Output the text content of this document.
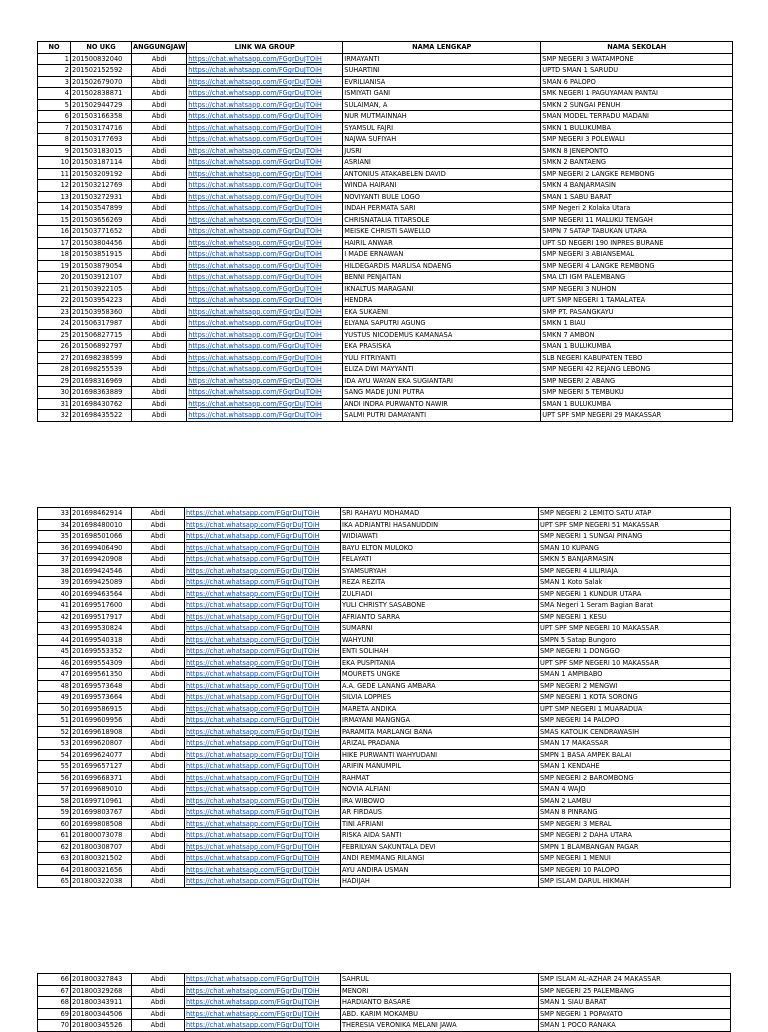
NO	NO UKG	ANGGUNGJAW	LINK WA GROUP	NAMA LENGKAP	NAMA SEKOLAH
1	201500832040	Abdi	https://chat.whatsapp.com/FGgrDuJTOiH	IRMAYANTI	SMP NEGERI 3 WATAMPONE
2	201502152592	Abdi	https://chat.whatsapp.com/FGgrDuJTOiH	SUHARTINI	UPTD SMAN 1 SARUDU
3	201502679070	Abdi	https://chat.whatsapp.com/FGgrDuJTOiH	EVRILIANISA	SMAN 6 PALOPO
4	201502838871	Abdi	https://chat.whatsapp.com/FGgrDuJTOiH	ISMIYATI GANI	SMK NEGERI 1 PAGUYAMAN PANTAI
5	201502944729	Abdi	https://chat.whatsapp.com/FGgrDuJTOiH	SULAIMAN, A	SMKN 2 SUNGAI PENUH
6	201503166358	Abdi	https://chat.whatsapp.com/FGgrDuJTOiH	NUR MUTMAINNAH	SMAN MODEL TERPADU MADANI
7	201503174716	Abdi	https://chat.whatsapp.com/FGgrDuJTOiH	SYAMSUL FAJRI	SMKN 1 BULUKUMBA
8	201503177693	Abdi	https://chat.whatsapp.com/FGgrDuJTOiH	NAJWA SUFIYAH	SMP NEGERI 3 POLEWALI
9	201503183015	Abdi	https://chat.whatsapp.com/FGgrDuJTOiH	JUSRI	SMKN 8 JENEPONTO
10	201503187114	Abdi	https://chat.whatsapp.com/FGgrDuJTOiH	ASRIANI	SMKN 2 BANTAENG
11	201503209192	Abdi	https://chat.whatsapp.com/FGgrDuJTOiH	ANTONIUS ATAKABELEN DAVID	SMP NEGERI 2 LANGKE REMBONG
12	201503212769	Abdi	https://chat.whatsapp.com/FGgrDuJTOiH	WINDA HAIRANI	SMKN 4 BANJARMASIN
13	201503272931	Abdi	https://chat.whatsapp.com/FGgrDuJTOiH	NOVIYANTI BULE LOGO	SMAN 1 SABU BARAT
14	201503547899	Abdi	https://chat.whatsapp.com/FGgrDuJTOiH	INDAH PERMATA SARI	SMP Negeri 2 Kolaka Utara
15	201503656269	Abdi	https://chat.whatsapp.com/FGgrDuJTOiH	CHRISNATALIA TITARSOLE	SMP NEGERI 11 MALUKU TENGAH
16	201503771652	Abdi	https://chat.whatsapp.com/FGgrDuJTOiH	MEISKE CHRISTI SAWELLO	SMPN 7 SATAP TABUKAN UTARA
17	201503804456	Abdi	https://chat.whatsapp.com/FGgrDuJTOiH	HAIRIL ANWAR	UPT SD NEGERI 190 INPRES BURANE
18	201503851915	Abdi	https://chat.whatsapp.com/FGgrDuJTOiH	I MADE ERNAWAN	SMP NEGERI 3 ABIANSEMAL
19	201503879054	Abdi	https://chat.whatsapp.com/FGgrDuJTOiH	HILDEGARDIS MARLISA NDAENG	SMP NEGERI 4 LANGKE REMBONG
20	201503912107	Abdi	https://chat.whatsapp.com/FGgrDuJTOiH	BENNI PENJAITAN	SMA LTI IGM PALEMBANG
21	201503922105	Abdi	https://chat.whatsapp.com/FGgrDuJTOiH	IKNALTUS MARAGANI	SMP NEGERI 3 NUHON
22	201503954223	Abdi	https://chat.whatsapp.com/FGgrDuJTOiH	HENDRA	UPT SMP NEGERI 1 TAMALATEA
23	201503958360	Abdi	https://chat.whatsapp.com/FGgrDuJTOiH	EKA SUKAENI	SMP PT. PASANGKAYU
24	201506317987	Abdi	https://chat.whatsapp.com/FGgrDuJTOiH	ELYANA SAPUTRI AGUNG	SMKN 1 BIAU
25	201506827715	Abdi	https://chat.whatsapp.com/FGgrDuJTOiH	YUSTUS NICODEMUS KAMANASA	SMKN 7 AMBON
26	201506892797	Abdi	https://chat.whatsapp.com/FGgrDuJTOiH	EKA PRASISKA	SMAN 1 BULUKUMBA
27	201698238599	Abdi	https://chat.whatsapp.com/FGgrDuJTOiH	YULI FITRIYANTI	SLB NEGERI KABUPATEN TEBO
28	201698255539	Abdi	https://chat.whatsapp.com/FGgrDuJTOiH	ELIZA DWI MAYYANTI	SMP NEGERI 42 REJANG LEBONG
29	201698316969	Abdi	https://chat.whatsapp.com/FGgrDuJTOiH	IDA AYU WAYAN EKA SUGIANTARI	SMP NEGERI 2 ABANG
30	201698363889	Abdi	https://chat.whatsapp.com/FGgrDuJTOiH	SANG MADE JUNI PUTRA	SMP NEGERI 5 TEMBUKU
31	201698430762	Abdi	https://chat.whatsapp.com/FGgrDuJTOiH	ANDI INDRA PURWANTO NAWIR	SMAN 1 BULUKUMBA
32	201698435522	Abdi	https://chat.whatsapp.com/FGgrDuJTOiH	SALMI PUTRI DAMAYANTI	UPT SPF SMP NEGERI 29 MAKASSAR
33	201698462914	Abdi	https://chat.whatsapp.com/FGgrDuJTOiH	SRI RAHAYU MOHAMAD	SMP NEGERI 2 LEMITO SATU ATAP
34	201698480010	Abdi	https://chat.whatsapp.com/FGgrDuJTOiH	IKA ADRIANTRI HASANUDDIN	UPT SPF SMP NEGERI 51 MAKASSAR
35	201698501066	Abdi	https://chat.whatsapp.com/FGgrDuJTOiH	WIDIAWATI	SMP NEGERI 1 SUNGAI PINANG
36	201699406490	Abdi	https://chat.whatsapp.com/FGgrDuJTOiH	BAYU ELTON MULOKO	SMAN 10 KUPANG
37	201699420908	Abdi	https://chat.whatsapp.com/FGgrDuJTOiH	FELAYATI	SMKN 5 BANJARMASIN
38	201699424546	Abdi	https://chat.whatsapp.com/FGgrDuJTOiH	SYAMSURYAH	SMP NEGERI 4 LILIRIAJA
39	201699425089	Abdi	https://chat.whatsapp.com/FGgrDuJTOiH	REZA REZITA	SMAN 1 Koto Salak
40	201699463564	Abdi	https://chat.whatsapp.com/FGgrDuJTOiH	ZULFIADI	SMP NEGERI 1 KUNDUR UTARA
41	201699517600	Abdi	https://chat.whatsapp.com/FGgrDuJTOiH	YULI CHRISTY SASABONE	SMA Negeri 1 Seram Bagian Barat
42	201699517917	Abdi	https://chat.whatsapp.com/FGgrDuJTOiH	AFRIANTO SARRA	SMP NEGERI 1 KESU
43	201699530824	Abdi	https://chat.whatsapp.com/FGgrDuJTOiH	SUMARNI	UPT SPF SMP NEGERI 10 MAKASSAR
44	201699540318	Abdi	https://chat.whatsapp.com/FGgrDuJTOiH	WAHYUNI	SMPN 5 Satap Bungoro
45	201699553352	Abdi	https://chat.whatsapp.com/FGgrDuJTOiH	ENTI SOLIHAH	SMP NEGERI 1 DONGGO
46	201699554309	Abdi	https://chat.whatsapp.com/FGgrDuJTOiH	EKA PUSPITANIA	UPT SPF SMP NEGERI 10 MAKASSAR
47	201699561350	Abdi	https://chat.whatsapp.com/FGgrDuJTOiH	MOURETS UNGKE	SMAN 1 AMPIBABO
48	201699573648	Abdi	https://chat.whatsapp.com/FGgrDuJTOiH	A.A. GEDE LANANG AMBARA	SMP NEGERI 2 MENGWI
49	201699573664	Abdi	https://chat.whatsapp.com/FGgrDuJTOiH	SILVIA LOPPIES	SMP NEGERI 1 KOTA SORONG
50	201699586915	Abdi	https://chat.whatsapp.com/FGgrDuJTOiH	MARETA ANDIKA	UPT SMP NEGERI 1 MUARADUA
51	201699609956	Abdi	https://chat.whatsapp.com/FGgrDuJTOiH	IRMAYANI MANGNGA	SMP NEGERI 14 PALOPO
52	201699618908	Abdi	https://chat.whatsapp.com/FGgrDuJTOiH	PARAMITA MARLANGI BANA	SMAS KATOLIK CENDRAWASIH
53	201699620807	Abdi	https://chat.whatsapp.com/FGgrDuJTOiH	ARIZAL PRADANA	SMAN 17 MAKASSAR
54	201699624077	Abdi	https://chat.whatsapp.com/FGgrDuJTOiH	HIKE PURWANTI WAHYUDANI	SMPN 1 BASA AMPEK BALAI
55	201699657127	Abdi	https://chat.whatsapp.com/FGgrDuJTOiH	ARIFIN MANUMPIL	SMAN 1 KENDAHE
56	201699668371	Abdi	https://chat.whatsapp.com/FGgrDuJTOiH	RAHMAT	SMP NEGERI 2 BAROMBONG
57	201699689010	Abdi	https://chat.whatsapp.com/FGgrDuJTOiH	NOVIA ALFIANI	SMAN 4 WAJO
58	201699710961	Abdi	https://chat.whatsapp.com/FGgrDuJTOiH	IRA WIBOWO	SMAN 2 LAMBU
59	201699803767	Abdi	https://chat.whatsapp.com/FGgrDuJTOiH	AR FIRDAUS	SMAN 8 PINRANG
60	201699808508	Abdi	https://chat.whatsapp.com/FGgrDuJTOiH	TINI AFRIANI	SMP NEGERI 3 MERAL
61	201800073078	Abdi	https://chat.whatsapp.com/FGgrDuJTOiH	RISKA AIDA SANTI	SMP NEGERI 2 DAHA UTARA
62	201800308707	Abdi	https://chat.whatsapp.com/FGgrDuJTOiH	FEBRILYAN SAKUNTALA DEVI	SMPN 1 BLAMBANGAN PAGAR
63	201800321502	Abdi	https://chat.whatsapp.com/FGgrDuJTOiH	ANDI REMMANG RILANGI	SMP NEGERI 1 MENUI
64	201800321656	Abdi	https://chat.whatsapp.com/FGgrDuJTOiH	AYU ANDIRA USMAN	SMP NEGERI 10 PALOPO
65	201800322038	Abdi	https://chat.whatsapp.com/FGgrDuJTOiH	HADIJAH	SMP ISLAM DARUL HIKMAH
66	201800327843	Abdi	https://chat.whatsapp.com/FGgrDuJTOiH	SAHRUL	SMP ISLAM AL-AZHAR 24 MAKASSAR
67	201800329268	Abdi	https://chat.whatsapp.com/FGgrDuJTOiH	MENORI	SMP NEGERI 25 PALEMBANG
68	201800343911	Abdi	https://chat.whatsapp.com/FGgrDuJTOiH	HARDIANTO BASARE	SMAN 1 SIAU BARAT
69	201800344506	Abdi	https://chat.whatsapp.com/FGgrDuJTOiH	ABD. KARIM MOKAMBU	SMP NEGERI 1 POPAYATO
70	201800345526	Abdi	https://chat.whatsapp.com/FGgrDuJTOiH	THERESIA VERONIKA MELANI JAWA	SMAN 1 POCO RANAKA
